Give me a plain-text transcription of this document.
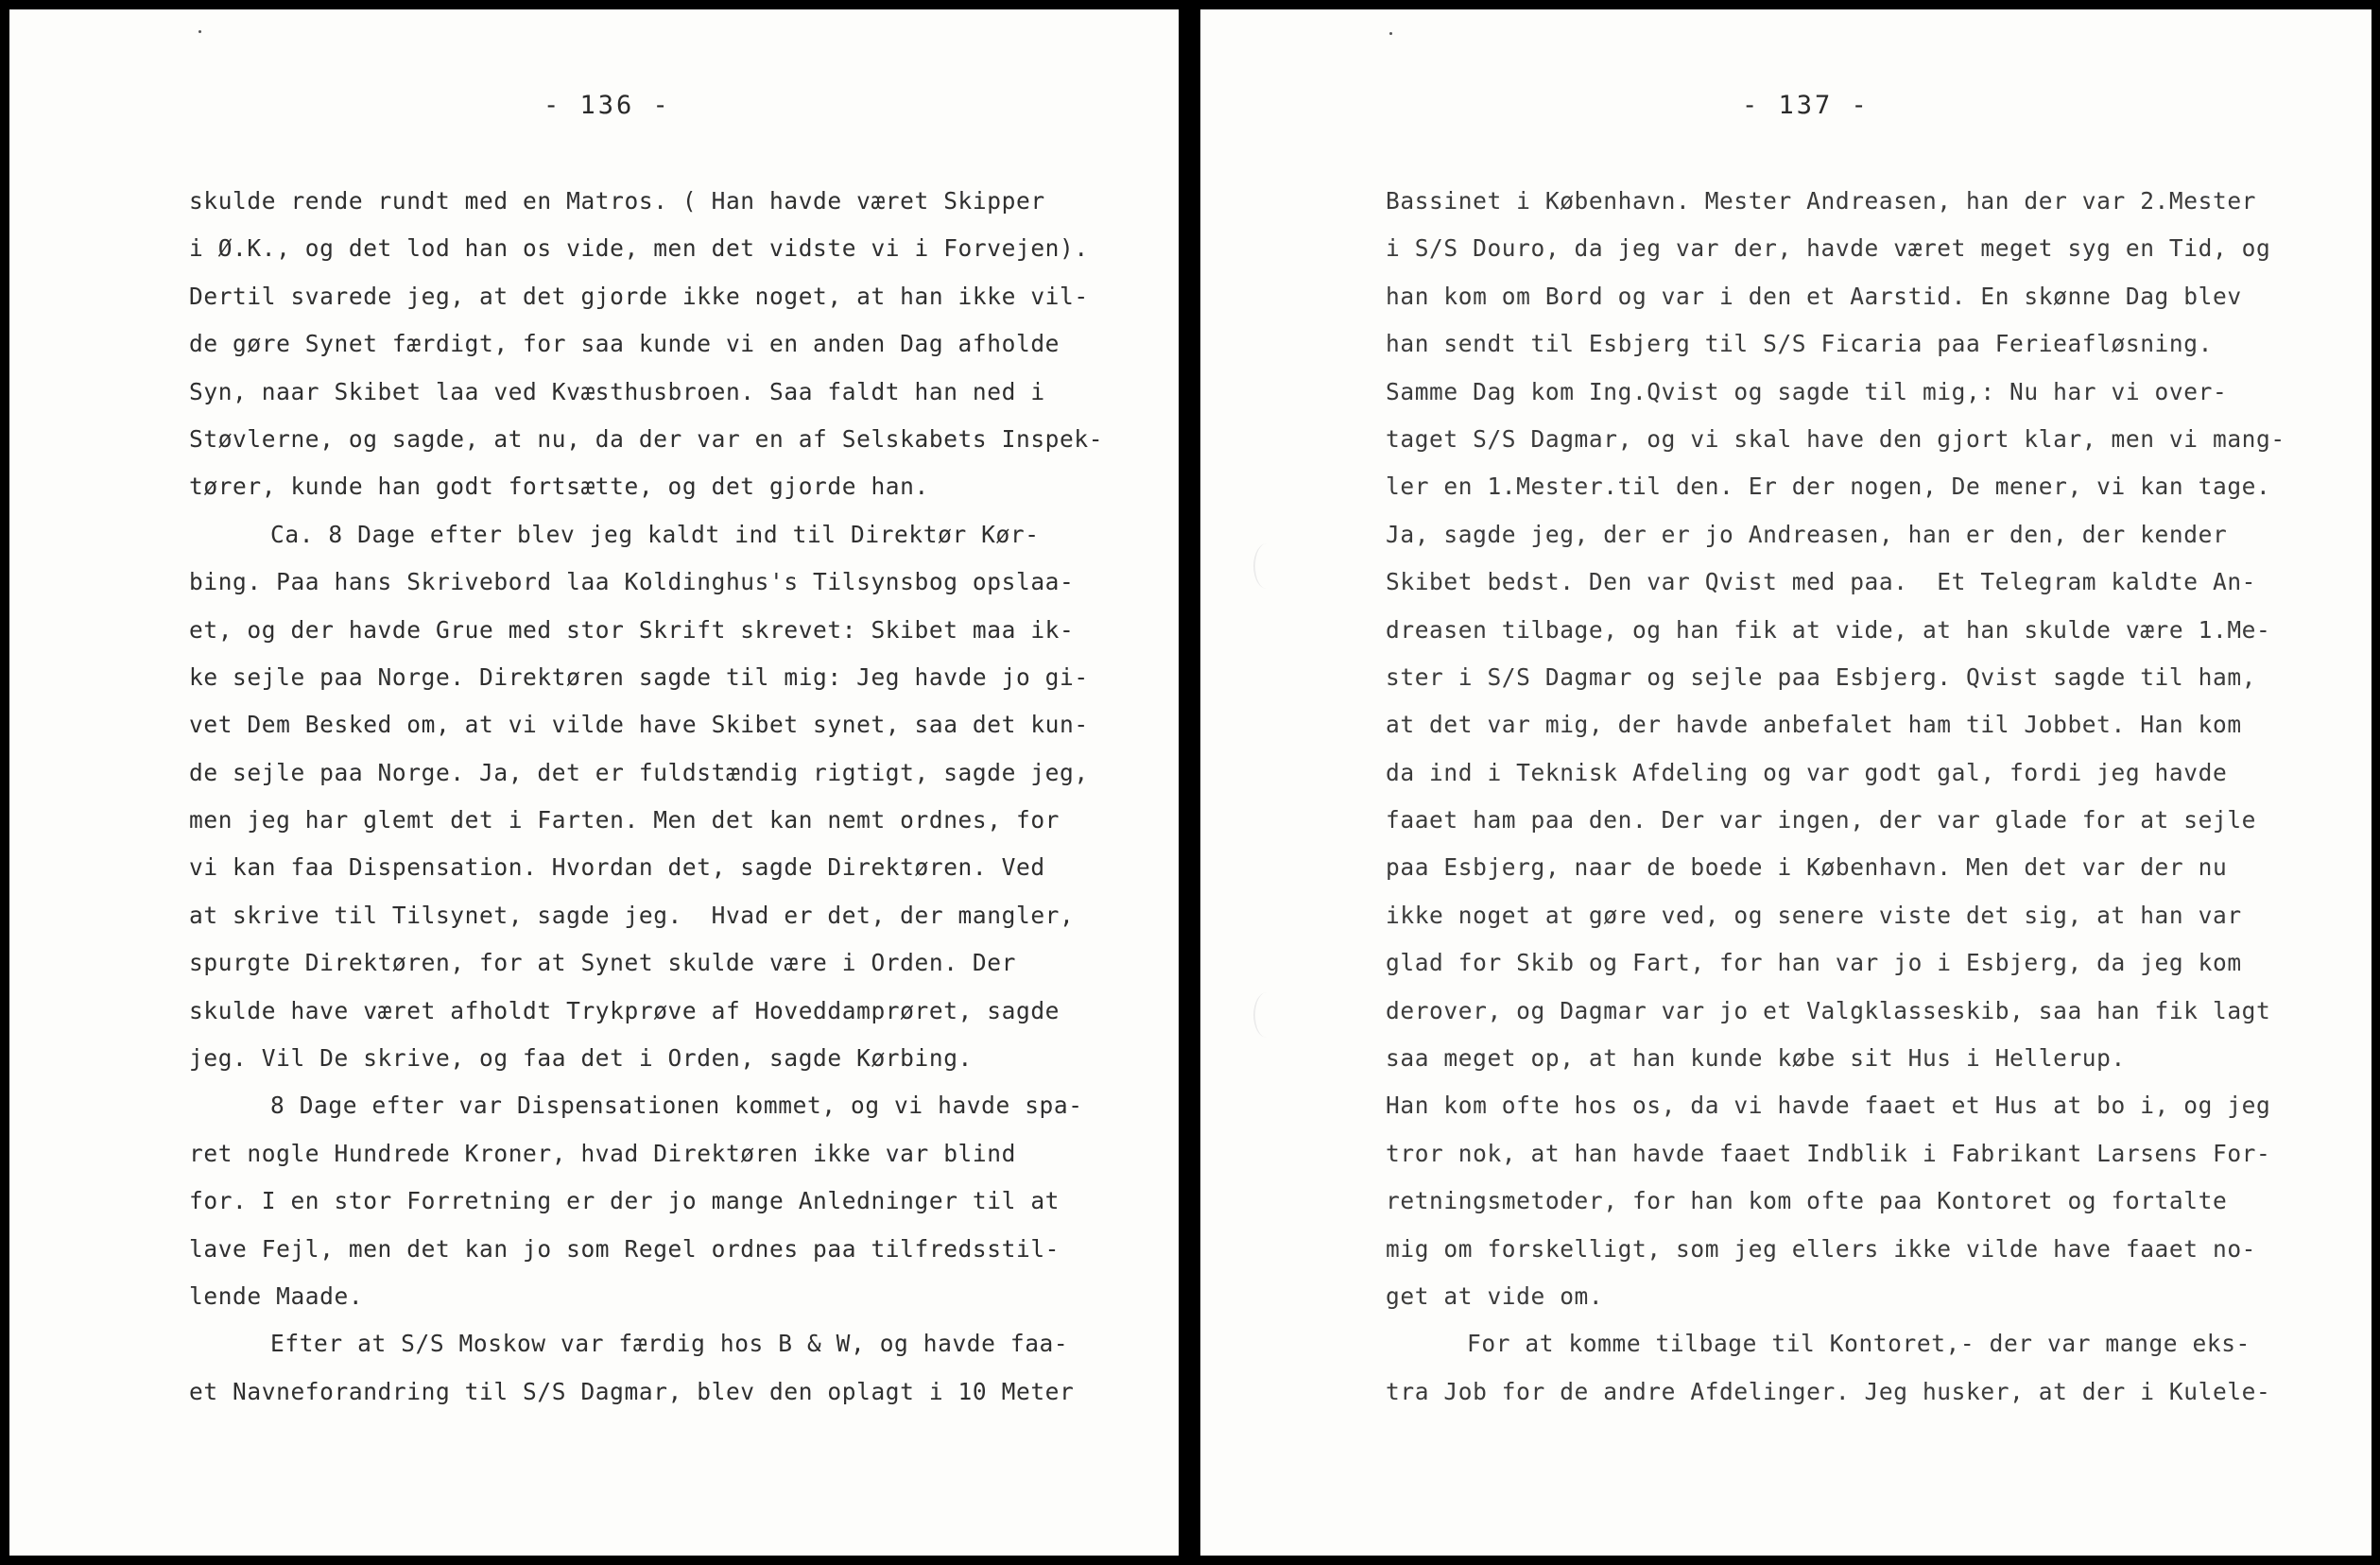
- 136 -
skulde rende rundt med en Matros. ( Han havde været Skipper
i Ø.K., og det lod han os vide, men det vidste vi i Forvejen).
Dertil svarede jeg, at det gjorde ikke noget, at han ikke vil-
de gøre Synet færdigt, for saa kunde vi en anden Dag afholde
Syn, naar Skibet laa ved Kvæsthusbroen. Saa faldt han ned i
Støvlerne, og sagde, at nu, da der var en af Selskabets Inspek-
tører, kunde han godt fortsætte, og det gjorde han.
Ca. 8 Dage efter blev jeg kaldt ind til Direktør Kør-
bing. Paa hans Skrivebord laa Koldinghus's Tilsynsbog opslaa-
et, og der havde Grue med stor Skrift skrevet: Skibet maa ik-
ke sejle paa Norge. Direktøren sagde til mig: Jeg havde jo gi-
vet Dem Besked om, at vi vilde have Skibet synet, saa det kun-
de sejle paa Norge. Ja, det er fuldstændig rigtigt, sagde jeg,
men jeg har glemt det i Farten. Men det kan nemt ordnes, for
vi kan faa Dispensation. Hvordan det, sagde Direktøren. Ved
at skrive til Tilsynet, sagde jeg.  Hvad er det, der mangler,
spurgte Direktøren, for at Synet skulde være i Orden. Der
skulde have været afholdt Trykprøve af Hoveddamprøret, sagde
jeg. Vil De skrive, og faa det i Orden, sagde Kørbing.
8 Dage efter var Dispensationen kommet, og vi havde spa-
ret nogle Hundrede Kroner, hvad Direktøren ikke var blind
for. I en stor Forretning er der jo mange Anledninger til at
lave Fejl, men det kan jo som Regel ordnes paa tilfredsstil-
lende Maade.
Efter at S/S Moskow var færdig hos B & W, og havde faa-
et Navneforandring til S/S Dagmar, blev den oplagt i 10 Meter
- 137 -
Bassinet i København. Mester Andreasen, han der var 2.Mester
i S/S Douro, da jeg var der, havde været meget syg en Tid, og
han kom om Bord og var i den et Aarstid. En skønne Dag blev
han sendt til Esbjerg til S/S Ficaria paa Ferieafløsning.
Samme Dag kom Ing.Qvist og sagde til mig,: Nu har vi over-
taget S/S Dagmar, og vi skal have den gjort klar, men vi mang-
ler en 1.Mester.til den. Er der nogen, De mener, vi kan tage.
Ja, sagde jeg, der er jo Andreasen, han er den, der kender
Skibet bedst. Den var Qvist med paa.  Et Telegram kaldte An-
dreasen tilbage, og han fik at vide, at han skulde være 1.Me-
ster i S/S Dagmar og sejle paa Esbjerg. Qvist sagde til ham,
at det var mig, der havde anbefalet ham til Jobbet. Han kom
da ind i Teknisk Afdeling og var godt gal, fordi jeg havde
faaet ham paa den. Der var ingen, der var glade for at sejle
paa Esbjerg, naar de boede i København. Men det var der nu
ikke noget at gøre ved, og senere viste det sig, at han var
glad for Skib og Fart, for han var jo i Esbjerg, da jeg kom
derover, og Dagmar var jo et Valgklasseskib, saa han fik lagt
saa meget op, at han kunde købe sit Hus i Hellerup.
Han kom ofte hos os, da vi havde faaet et Hus at bo i, og jeg
tror nok, at han havde faaet Indblik i Fabrikant Larsens For-
retningsmetoder, for han kom ofte paa Kontoret og fortalte
mig om forskelligt, som jeg ellers ikke vilde have faaet no-
get at vide om.
For at komme tilbage til Kontoret,- der var mange eks-
tra Job for de andre Afdelinger. Jeg husker, at der i Kulele-
